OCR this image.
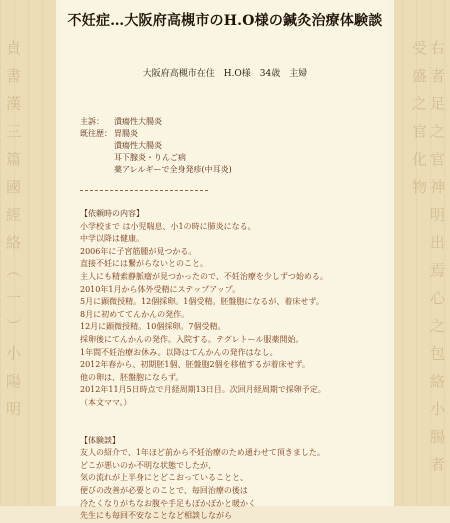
貞 書 漢 三 篇 國 經 絡 （ 一 ） 小 陽 明	右 者 足 之 官 神 明 出 焉 心 之 包 絡 小 腸 者 受 盛 之 官 化 物
不妊症…大阪府高槻市のH.O様の鍼灸治療体験談
大阪府高槻市在住　H.O様　34歳　主婦
主訴：	潰瘍性大腸炎
既往歴： 胃腸炎
潰瘍性大腸炎
耳下腺炎・りんご病
薬アレルギーで全身発疹(中耳炎)

【依頼時の内容】

小学校まで は小児喘息、小1の時に肺炎になる。

中学以降は健康。

2006年に子宮筋腫が見つかる。

直接不妊には繋がらないとのこと。

主人にも精索静脈瘤が見つかったので、不妊治療を少しずつ始める。

2010年1月から体外受精にステップアップ。

5月に顕微授精。12個採卵。1個受精。胚盤胞になるが、着床せず。

8月に初めててんかんの発作。

12月に顕微授精。10個採卵。7個受精。

採卵後にてんかんの発作。入院する。テグレトール服薬開始。

1年間不妊治療お休み。以降はてんかんの発作はなし。

2012年春から、初期胚1個、胚盤胞2個を移植するが着床せず。

他の卵は、胚盤胞にならず。

2012年11月5日時点で月経周期13日目。次回月経周期で採卵予定。

（本文ママ。）

【体験談】

友人の紹介で、1年ほど前から不妊治療のため通わせて頂きました。

どこが悪いのか不明な状態でしたが、

気の流れが上半身にとどこおっていることと、

便びの改善が必要とのことで、毎回治療の後は

冷たくなりがちなお腹や手足もぽかぽかと暖かく

先生にも毎回不安なことなど相談しながら
